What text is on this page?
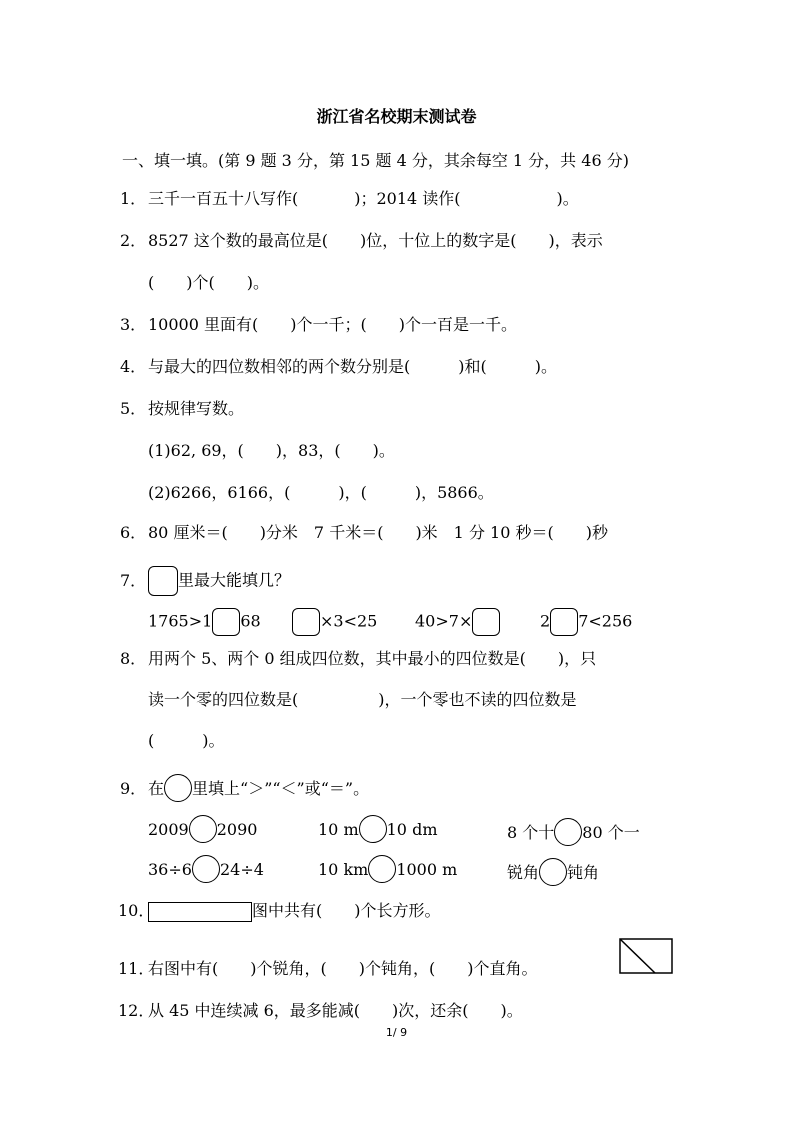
浙江省名校期末测试卷
一、填一填。(第 9 题 3 分，第 15 题 4 分，其余每空 1 分，共 46 分)
1． 三千一百五十八写作(	)；2014 读作(	)。
2． 8527 这个数的最高位是(　　)位，十位上的数字是(　　)，表示
(　　)个(　　)。
3． 10000 里面有(　　)个一千；(　　)个一百是一千。
4． 与最大的四位数相邻的两个数分别是(　　　)和(　　　)。
5． 按规律写数。
(1)62, 69，(　　)，83，(　　)。
(2)6266，6166，(　　　)，(　　　)，5866。
6． 80 厘米＝(　　)分米　7 千米＝(　　)米　1 分 10 秒＝(　　)秒
7． 里最大能填几？
1765>1 68	×3<25 40>7×	2 7<256
8． 用两个 5、两个 0 组成四位数，其中最小的四位数是(　　)，只
读一个零的四位数是(　　　　　)，一个零也不读的四位数是
(　　　)。
9． 在 里填上“＞”“＜”或“＝”。
2009 2090	10 m 10 dm	8 个十 80 个一
36÷6 24÷4	10 km 1000 m	锐角 钝角
10．	图中共有(　　)个长方形。
11．右图中有(　　)个锐角，(　　)个钝角，(　　)个直角。
12．从 45 中连续减 6，最多能减(　　)次，还余(　　)。
1/ 9
